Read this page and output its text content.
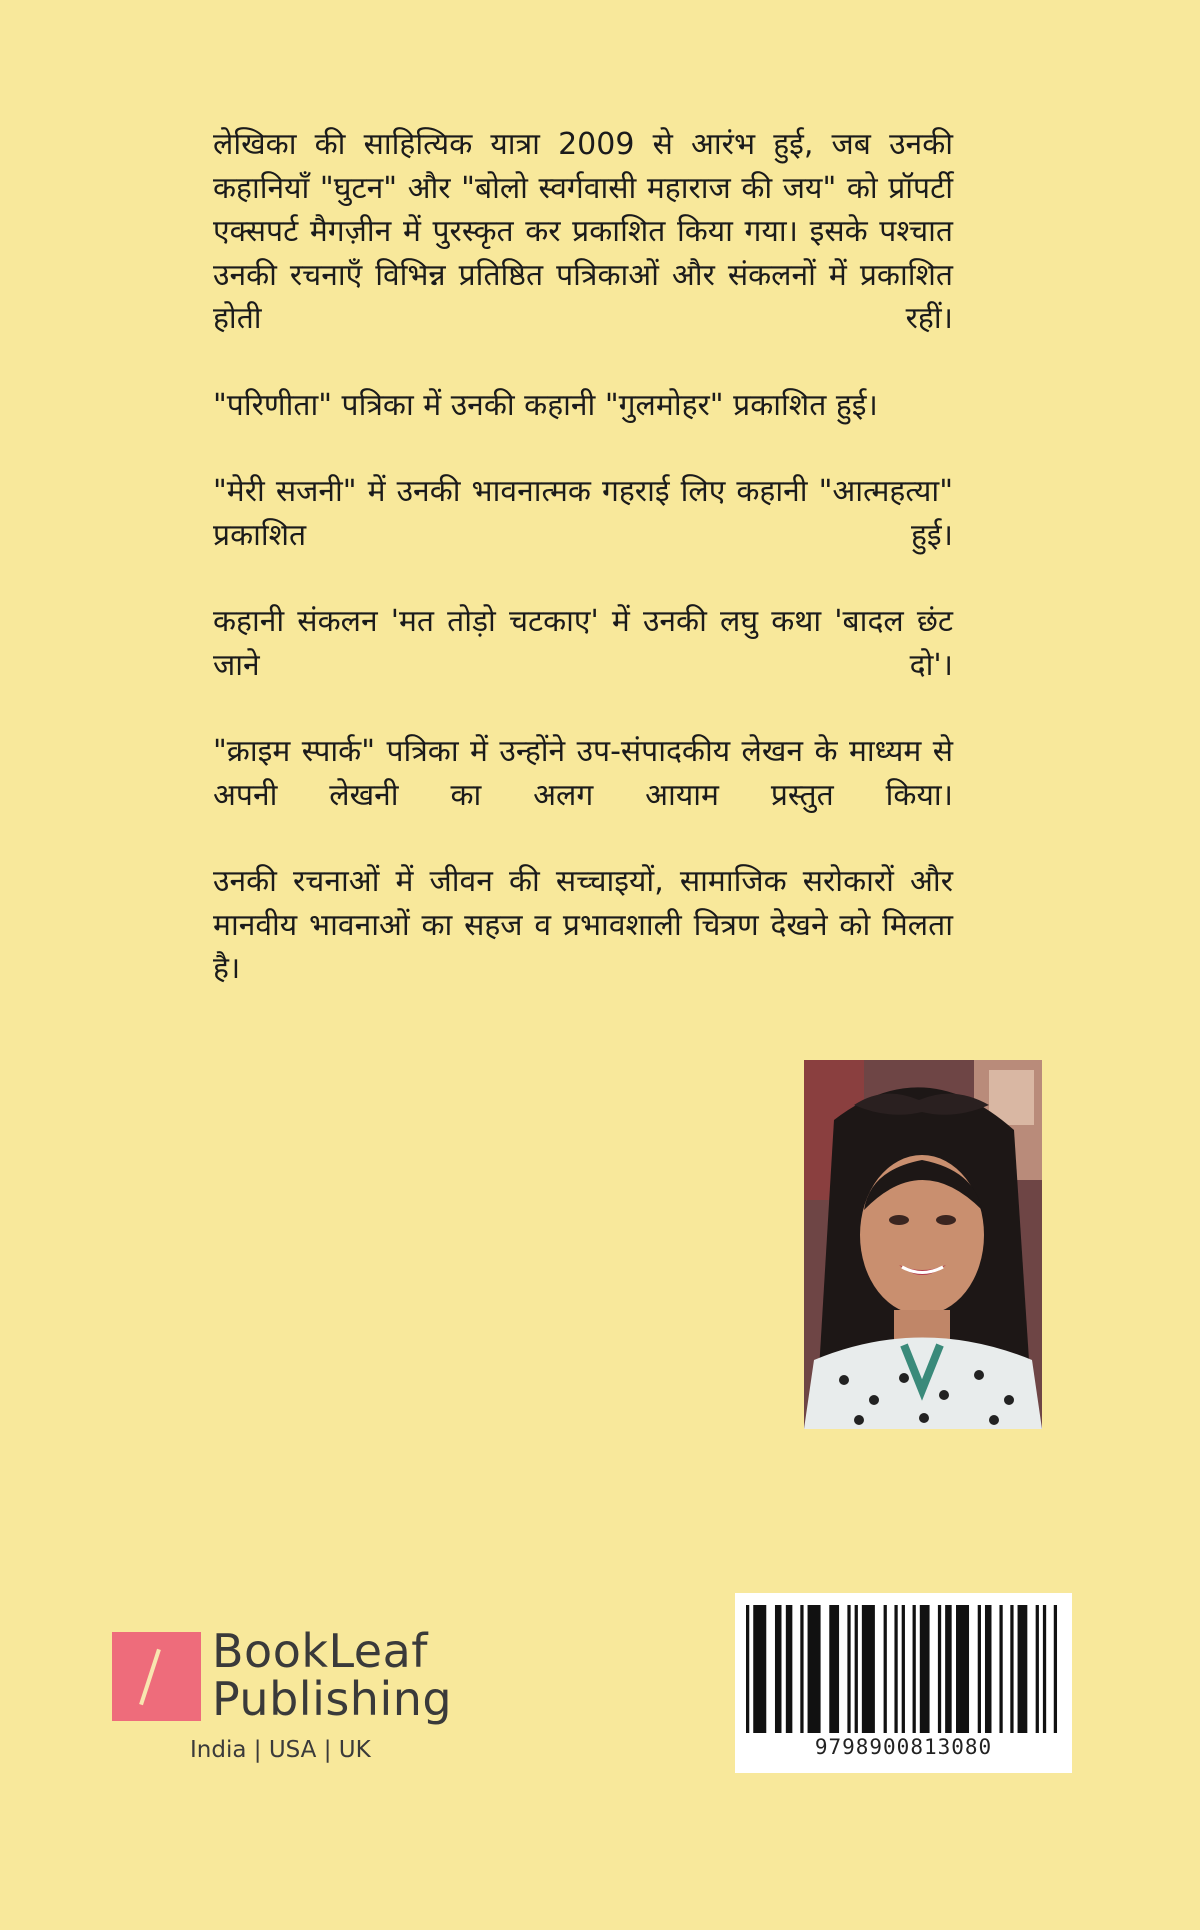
लेखिका की साहित्यिक यात्रा 2009 से आरंभ हुई, जब उनकी कहानियाँ "घुटन" और "बोलो स्वर्गवासी महाराज की जय" को प्रॉपर्टी एक्सपर्ट मैगज़ीन में पुरस्कृत कर प्रकाशित किया गया। इसके पश्चात उनकी रचनाएँ विभिन्न प्रतिष्ठित पत्रिकाओं और संकलनों में प्रकाशित होती रहीं।

"परिणीता" पत्रिका में उनकी कहानी "गुलमोहर" प्रकाशित हुई।

"मेरी सजनी" में उनकी भावनात्मक गहराई लिए कहानी "आत्महत्या" प्रकाशित हुई।

कहानी संकलन 'मत तोड़ो चटकाए' में उनकी लघु कथा 'बादल छंट जाने दो'।

"क्राइम स्पार्क" पत्रिका में उन्होंने उप-संपादकीय लेखन के माध्यम से अपनी लेखनी का अलग आयाम प्रस्तुत किया।

उनकी रचनाओं में जीवन की सच्चाइयों, सामाजिक सरोकारों और मानवीय भावनाओं का सहज व प्रभावशाली चित्रण देखने को मिलता है।

BookLeaf
Publishing
India | USA | UK	9798900813080
